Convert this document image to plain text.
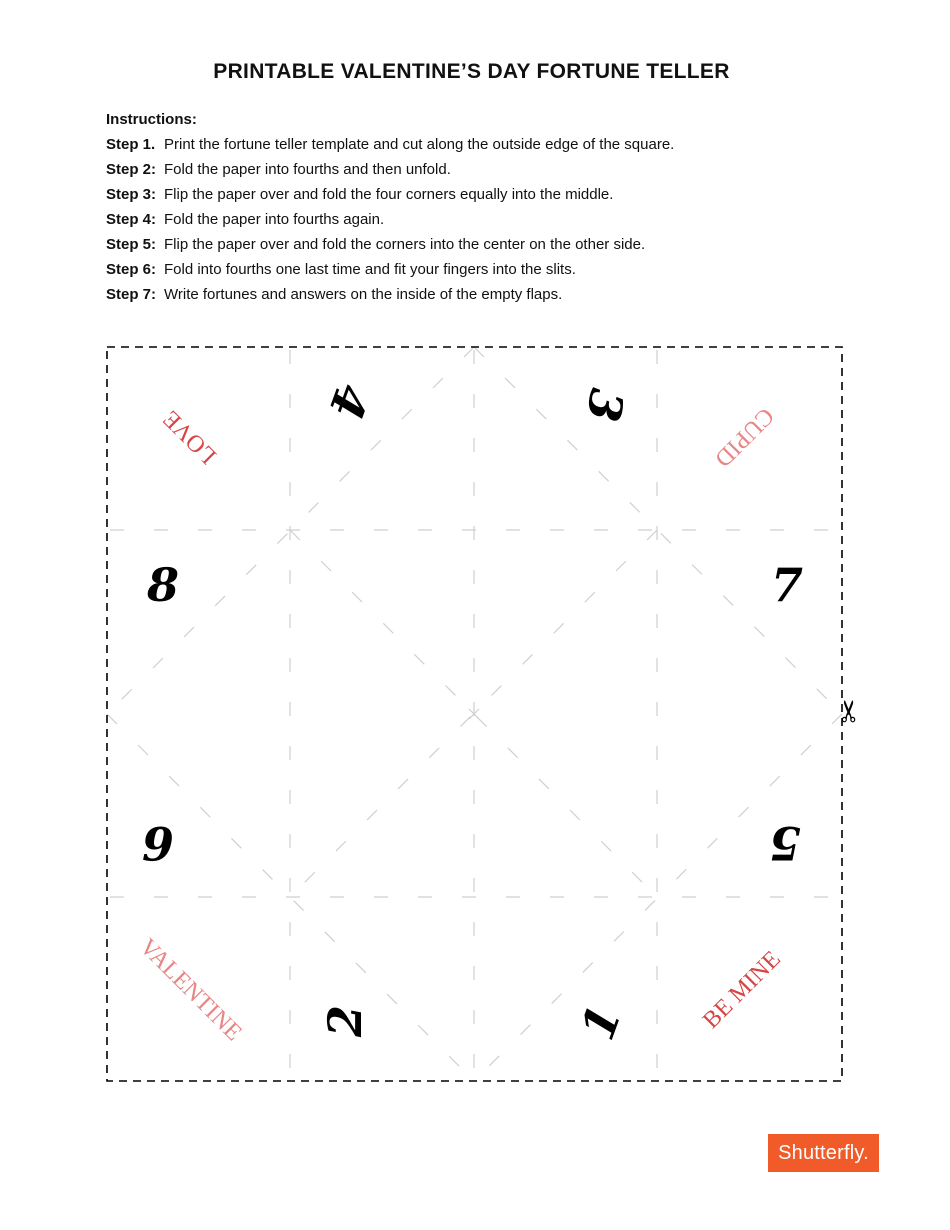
PRINTABLE VALENTINE’S DAY FORTUNE TELLER
Instructions:
Step 1. Print the fortune teller template and cut along the outside edge of the square.
Step 2: Fold the paper into fourths and then unfold.
Step 3: Flip the paper over and fold the four corners equally into the middle.
Step 4: Fold the paper into fourths again.
Step 5: Flip the paper over and fold the corners into the center on the other side.
Step 6: Fold into fourths one last time and fit your fingers into the slits.
Step 7: Write fortunes and answers on the inside of the empty flaps.
✂
LOVE	CUPID
VALENTINE	BE MINE
4	3
8	7
6	5
2	1
Shutterfly.
